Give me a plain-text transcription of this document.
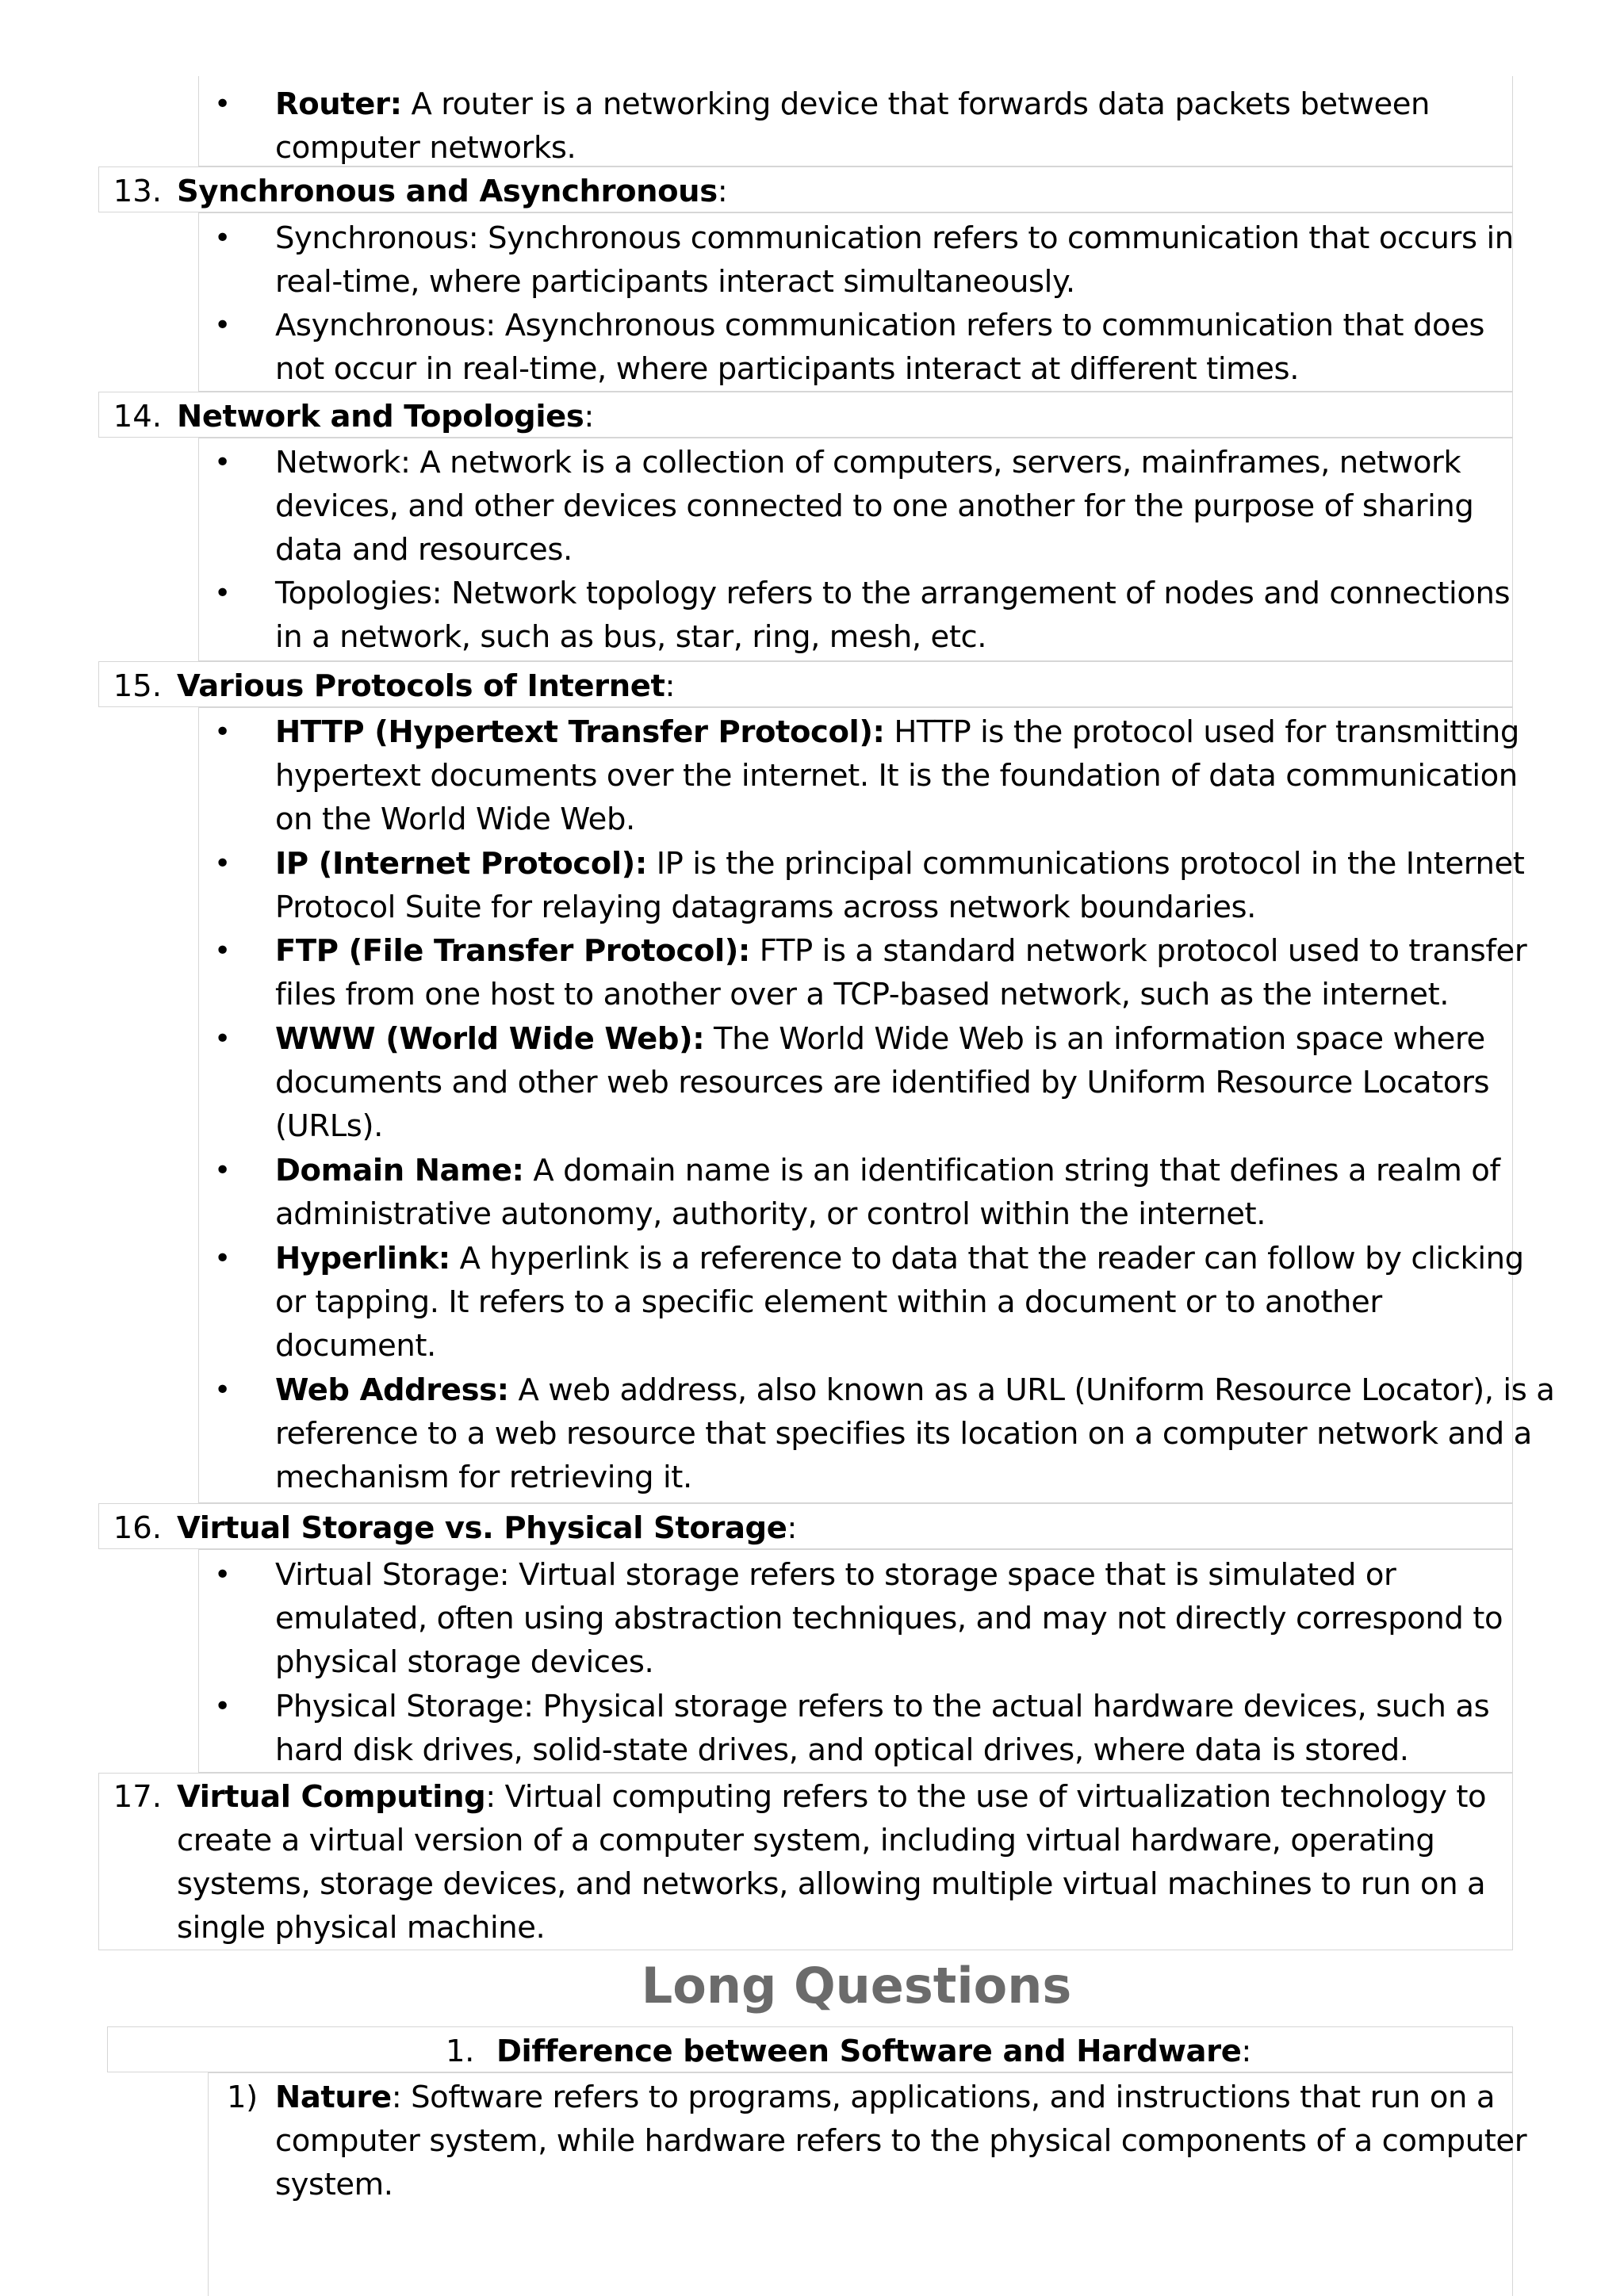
• Router: A router is a networking device that forwards data packets between
computer networks.
13. Synchronous and Asynchronous:
• Synchronous: Synchronous communication refers to communication that occurs in
real-time, where participants interact simultaneously.
• Asynchronous: Asynchronous communication refers to communication that does
not occur in real-time, where participants interact at different times.
14. Network and Topologies:
• Network: A network is a collection of computers, servers, mainframes, network
devices, and other devices connected to one another for the purpose of sharing
data and resources.
• Topologies: Network topology refers to the arrangement of nodes and connections
in a network, such as bus, star, ring, mesh, etc.
15. Various Protocols of Internet:
• HTTP (Hypertext Transfer Protocol): HTTP is the protocol used for transmitting
hypertext documents over the internet. It is the foundation of data communication
on the World Wide Web.
• IP (Internet Protocol): IP is the principal communications protocol in the Internet
Protocol Suite for relaying datagrams across network boundaries.
• FTP (File Transfer Protocol): FTP is a standard network protocol used to transfer
files from one host to another over a TCP-based network, such as the internet.
• WWW (World Wide Web): The World Wide Web is an information space where
documents and other web resources are identified by Uniform Resource Locators
(URLs).
• Domain Name: A domain name is an identification string that defines a realm of
administrative autonomy, authority, or control within the internet.
• Hyperlink: A hyperlink is a reference to data that the reader can follow by clicking
or tapping. It refers to a specific element within a document or to another
document.
• Web Address: A web address, also known as a URL (Uniform Resource Locator), is a
reference to a web resource that specifies its location on a computer network and a
mechanism for retrieving it.
16. Virtual Storage vs. Physical Storage:
• Virtual Storage: Virtual storage refers to storage space that is simulated or
emulated, often using abstraction techniques, and may not directly correspond to
physical storage devices.
• Physical Storage: Physical storage refers to the actual hardware devices, such as
hard disk drives, solid-state drives, and optical drives, where data is stored.
17. Virtual Computing: Virtual computing refers to the use of virtualization technology to
create a virtual version of a computer system, including virtual hardware, operating
systems, storage devices, and networks, allowing multiple virtual machines to run on a
single physical machine.
Long Questions
1. Difference between Software and Hardware:
1) Nature: Software refers to programs, applications, and instructions that run on a
computer system, while hardware refers to the physical components of a computer
system.
